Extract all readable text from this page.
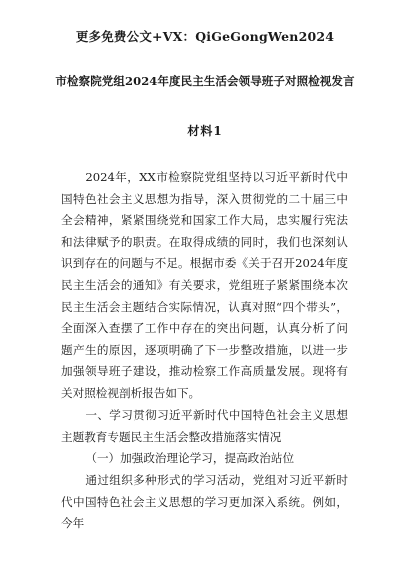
更多免费公文+VX：QiGeGongWen2024
市检察院党组2024年度民主生活会领导班子对照检视发言
材料1
2024年，XX市检察院党组坚持以习近平新时代中国特色社会主义思想为指导，深入贯彻党的二十届三中全会精神，紧紧围绕党和国家工作大局，忠实履行宪法和法律赋予的职责。在取得成绩的同时，我们也深刻认识到存在的问题与不足。根据市委《关于召开2024年度民主生活会的通知》有关要求，党组班子紧紧围绕本次民主生活会主题结合实际情况，认真对照“四个带头”，全面深入查摆了工作中存在的突出问题，认真分析了问题产生的原因，逐项明确了下一步整改措施，以进一步加强领导班子建设，推动检察工作高质量发展。现将有关对照检视剖析报告如下。
一、学习贯彻习近平新时代中国特色社会主义思想主题教育专题民主生活会整改措施落实情况
（一）加强政治理论学习，提高政治站位
通过组织多种形式的学习活动，党组对习近平新时代中国特色社会主义思想的学习更加深入系统。例如，今年
